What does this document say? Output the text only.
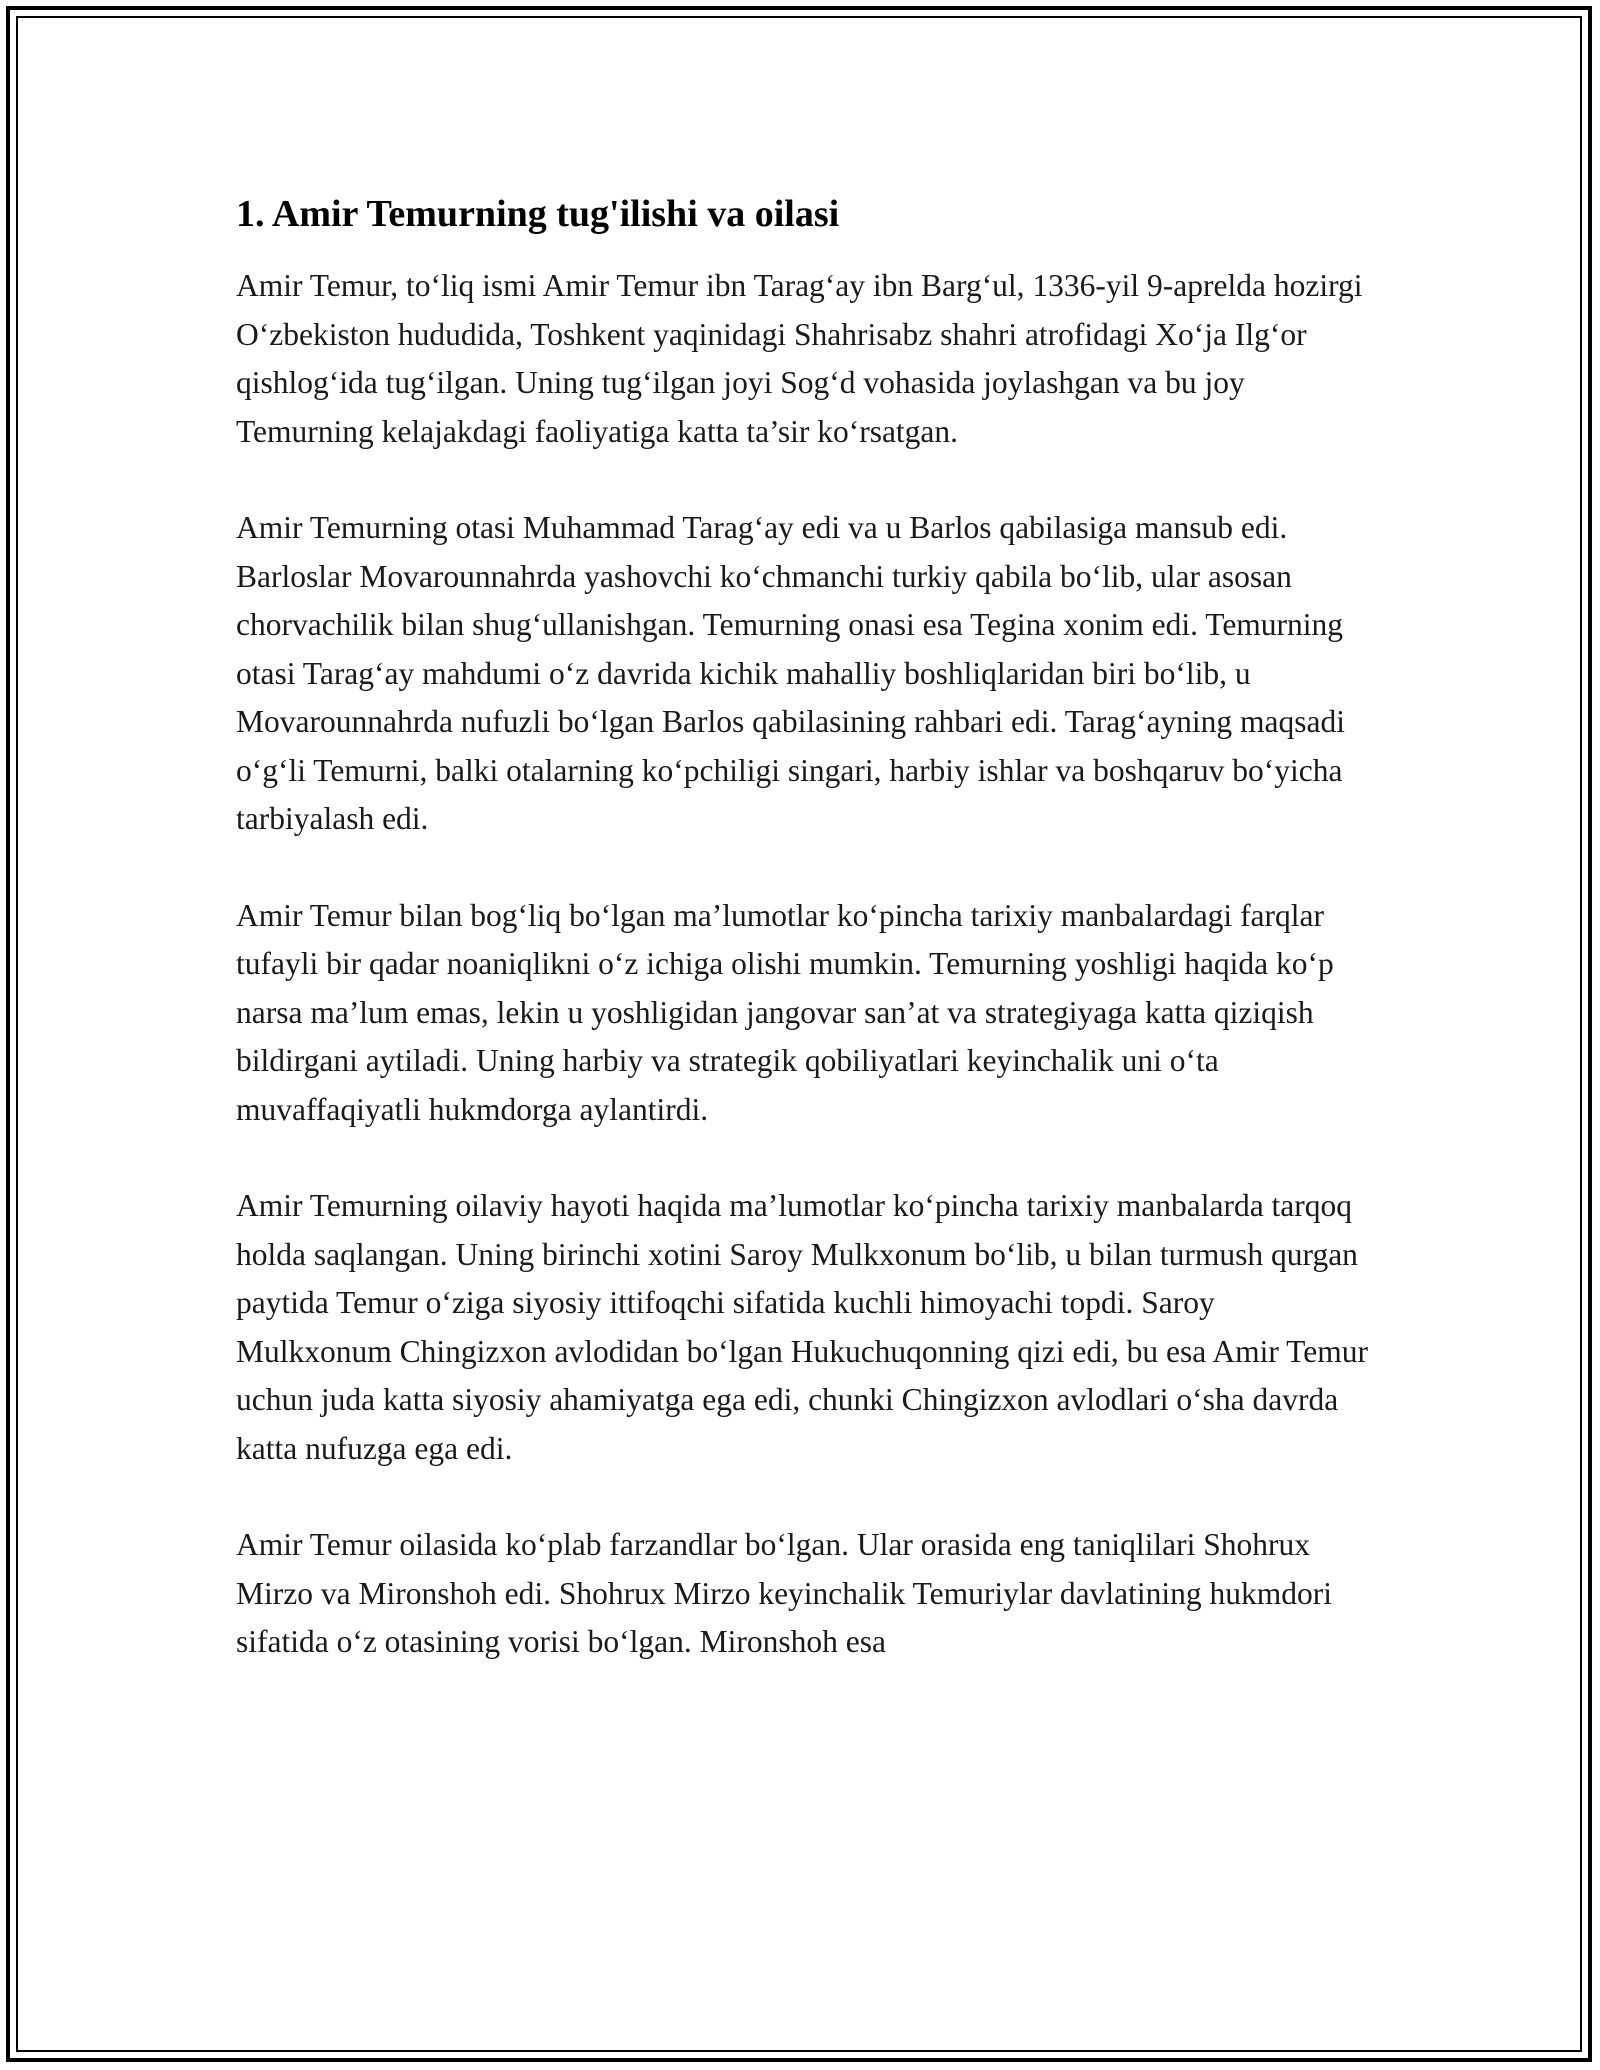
1. Amir Temurning tug'ilishi va oilasi

Amir Temur, to‘liq ismi Amir Temur ibn Tarag‘ay ibn Barg‘ul, 1336-yil 9-aprelda hozirgi O‘zbekiston hududida, Toshkent yaqinidagi Shahrisabz shahri atrofidagi Xo‘ja Ilg‘or qishlog‘ida tug‘ilgan. Uning tug‘ilgan joyi Sog‘d vohasida joylashgan va bu joy Temurning kelajakdagi faoliyatiga katta ta’sir ko‘rsatgan.

Amir Temurning otasi Muhammad Tarag‘ay edi va u Barlos qabilasiga mansub edi. Barloslar Movarounnahrda yashovchi ko‘chmanchi turkiy qabila bo‘lib, ular asosan chorvachilik bilan shug‘ullanishgan. Temurning onasi esa Tegina xonim edi. Temurning otasi Tarag‘ay mahdumi o‘z davrida kichik mahalliy boshliqlaridan biri bo‘lib, u Movarounnahrda nufuzli bo‘lgan Barlos qabilasining rahbari edi. Tarag‘ayning maqsadi o‘g‘li Temurni, balki otalarning ko‘pchiligi singari, harbiy ishlar va boshqaruv bo‘yicha tarbiyalash edi.

Amir Temur bilan bog‘liq bo‘lgan ma’lumotlar ko‘pincha tarixiy manbalardagi farqlar tufayli bir qadar noaniqlikni o‘z ichiga olishi mumkin. Temurning yoshligi haqida ko‘p narsa ma’lum emas, lekin u yoshligidan jangovar san’at va strategiyaga katta qiziqish bildirgani aytiladi. Uning harbiy va strategik qobiliyatlari keyinchalik uni o‘ta muvaffaqiyatli hukmdorga aylantirdi.

Amir Temurning oilaviy hayoti haqida ma’lumotlar ko‘pincha tarixiy manbalarda tarqoq holda saqlangan. Uning birinchi xotini Saroy Mulkxonum bo‘lib, u bilan turmush qurgan paytida Temur o‘ziga siyosiy ittifoqchi sifatida kuchli himoyachi topdi. Saroy Mulkxonum Chingizxon avlodidan bo‘lgan Hukuchuqonning qizi edi, bu esa Amir Temur uchun juda katta siyosiy ahamiyatga ega edi, chunki Chingizxon avlodlari o‘sha davrda katta nufuzga ega edi.

Amir Temur oilasida ko‘plab farzandlar bo‘lgan. Ular orasida eng taniqlilari Shohrux Mirzo va Mironshoh edi. Shohrux Mirzo keyinchalik Temuriylar davlatining hukmdori sifatida o‘z otasining vorisi bo‘lgan. Mironshoh esa
